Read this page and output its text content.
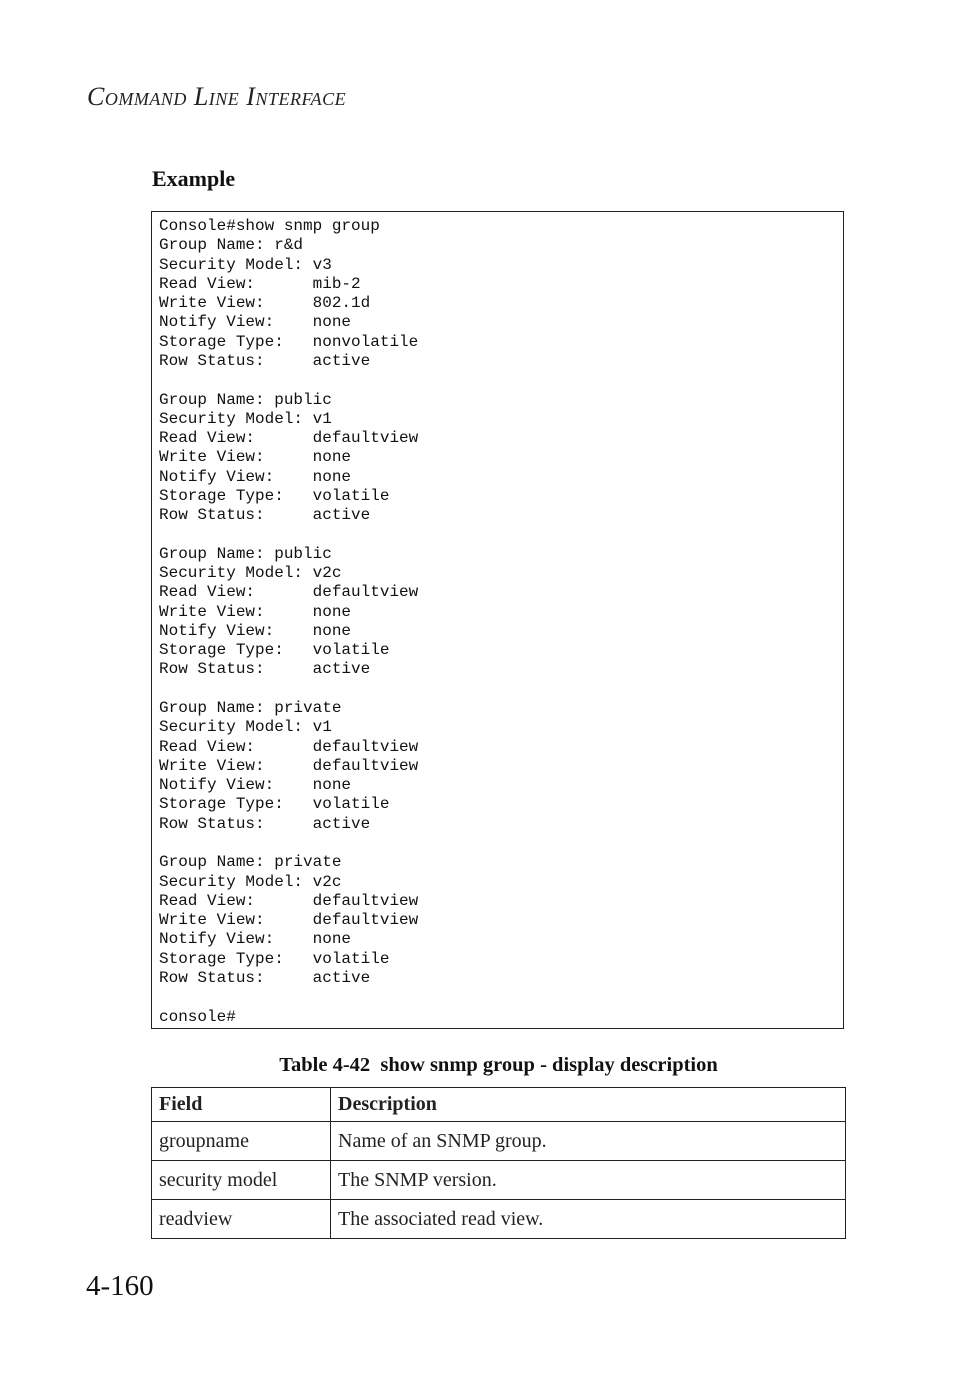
Command Line Interface
Example
Console#show snmp group
Group Name: r&d
Security Model: v3
Read View:      mib-2
Write View:     802.1d
Notify View:    none
Storage Type:   nonvolatile
Row Status:     active

Group Name: public
Security Model: v1
Read View:      defaultview
Write View:     none
Notify View:    none
Storage Type:   volatile
Row Status:     active

Group Name: public
Security Model: v2c
Read View:      defaultview
Write View:     none
Notify View:    none
Storage Type:   volatile
Row Status:     active

Group Name: private
Security Model: v1
Read View:      defaultview
Write View:     defaultview
Notify View:    none
Storage Type:   volatile
Row Status:     active

Group Name: private
Security Model: v2c
Read View:      defaultview
Write View:     defaultview
Notify View:    none
Storage Type:   volatile
Row Status:     active

console#
Table 4-42  show snmp group - display description
Field	Description
groupname	Name of an SNMP group.
security model	The SNMP version.
readview	The associated read view.
4-160
